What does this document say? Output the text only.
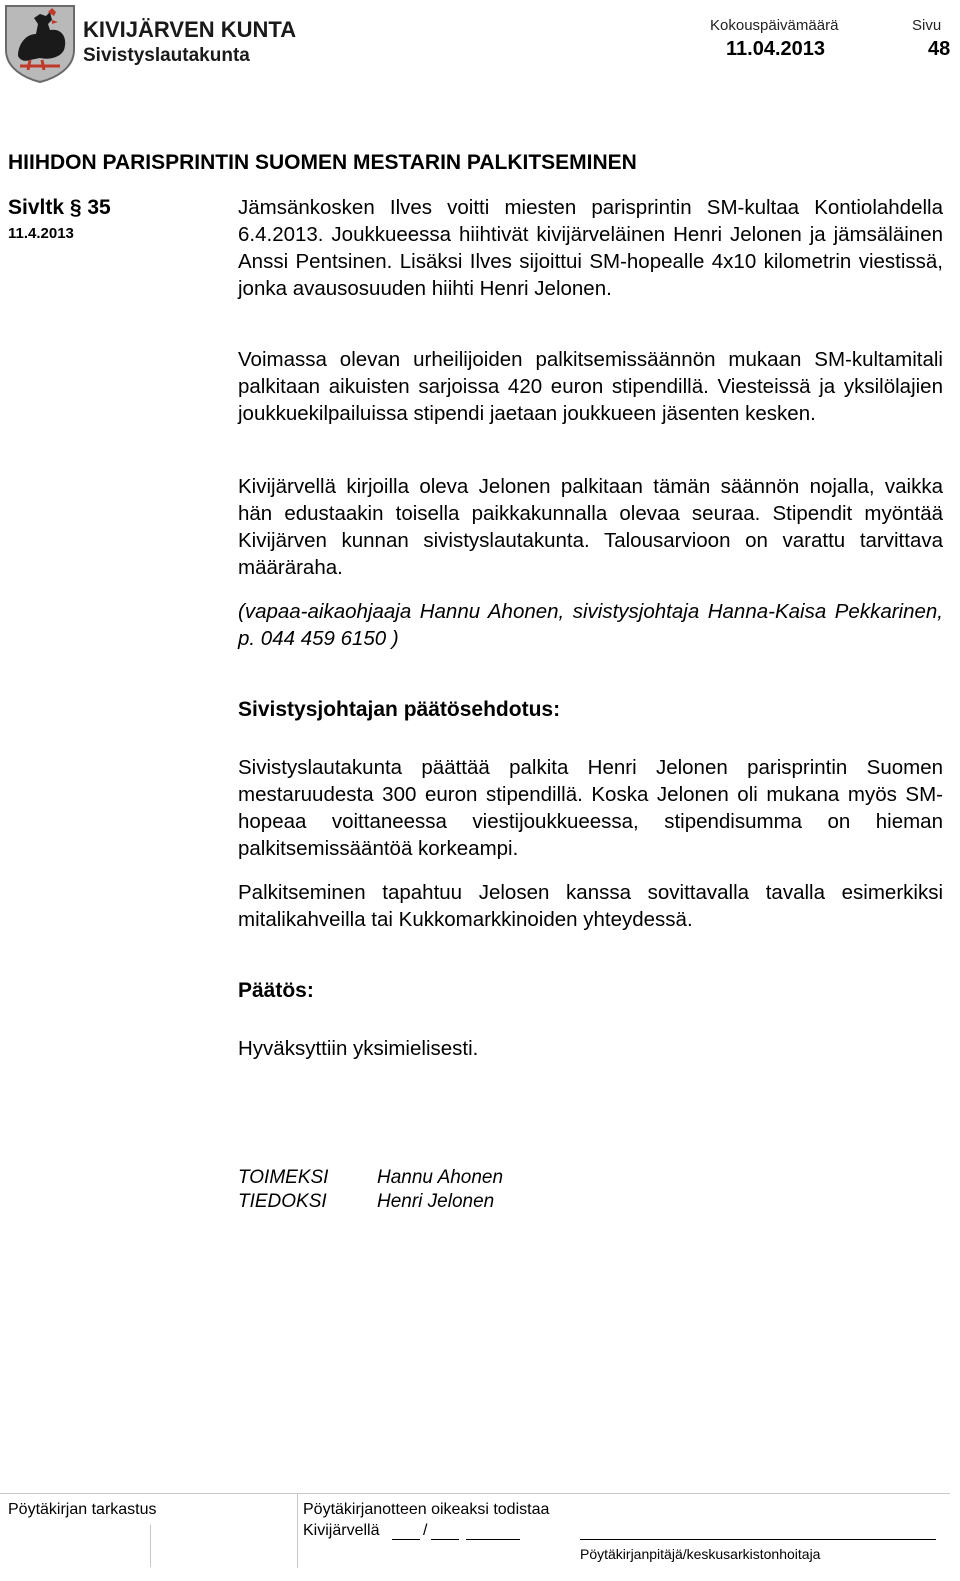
KIVIJÄRVEN KUNTA
Sivistyslautakunta
Kokouspäivämäärä
11.04.2013
Sivu
48
HIIHDON PARISPRINTIN SUOMEN MESTARIN PALKITSEMINEN
Sivltk § 35
11.4.2013

Jämsänkosken Ilves voitti miesten parisprintin SM-kultaa Kontiolahdella 6.4.2013. Joukkueessa hiihtivät kivijärveläinen Henri Jelonen ja jämsäläinen Anssi Pentsinen. Lisäksi Ilves sijoittui SM-hopealle 4x10 kilometrin viestissä, jonka avausosuuden hiihti Henri Jelonen.

Voimassa olevan urheilijoiden palkitsemissäännön mukaan SM-kultamitali palkitaan aikuisten sarjoissa 420 euron stipendillä. Viesteissä ja yksilölajien joukkuekilpailuissa stipendi jaetaan joukkueen jäsenten kesken.

Kivijärvellä kirjoilla oleva Jelonen palkitaan tämän säännön nojalla, vaikka hän edustaakin toisella paikkakunnalla olevaa seuraa. Stipendit myöntää Kivijärven kunnan sivistyslautakunta. Talousarvioon on varattu tarvittava määräraha.

(vapaa-aikaohjaaja Hannu Ahonen, sivistysjohtaja Hanna-Kaisa Pekkarinen, p. 044 459 6150 )

Sivistysjohtajan päätösehdotus:

Sivistyslautakunta päättää palkita Henri Jelonen parisprintin Suomen mestaruudesta 300 euron stipendillä. Koska Jelonen oli mukana myös SM-hopeaa voittaneessa viestijoukkueessa, stipendisumma on hieman palkitsemissääntöä korkeampi.

Palkitseminen tapahtuu Jelosen kanssa sovittavalla tavalla esimerkiksi mitalikahveilla tai Kukkomarkkinoiden yhteydessä.

Päätös:
Hyväksyttiin yksimielisesti.
TOIMEKSI	Hannu Ahonen
TIEDOKSI	Henri Jelonen
Pöytäkirjan tarkastus	Pöytäkirjanotteen oikeaksi todistaa
Kivijärvellä	/
Pöytäkirjanpitäjä/keskusarkistonhoitaja
